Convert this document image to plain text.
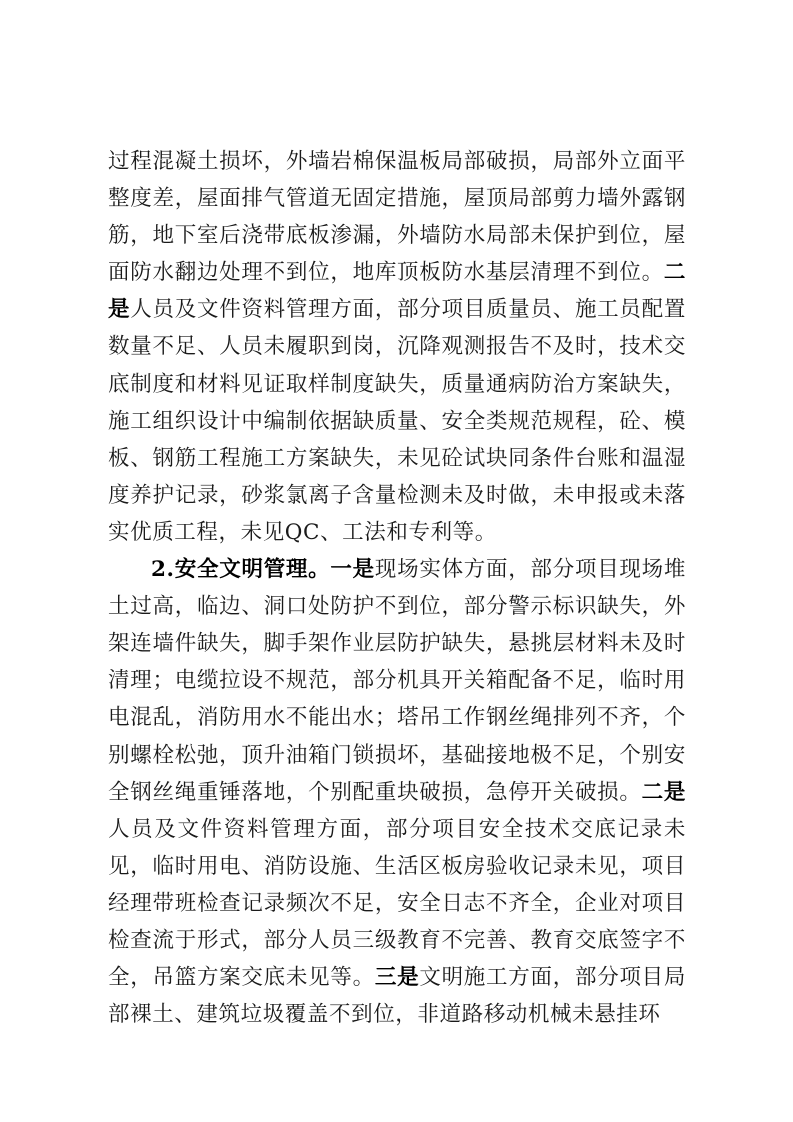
过程混凝土损坏，外墙岩棉保温板局部破损，局部外立面平整度差，屋面排气管道无固定措施，屋顶局部剪力墙外露钢筋，地下室后浇带底板渗漏，外墙防水局部未保护到位，屋面防水翻边处理不到位，地库顶板防水基层清理不到位。二是人员及文件资料管理方面，部分项目质量员、施工员配置数量不足、人员未履职到岗，沉降观测报告不及时，技术交底制度和材料见证取样制度缺失，质量通病防治方案缺失，施工组织设计中编制依据缺质量、安全类规范规程，砼、模板、钢筋工程施工方案缺失，未见砼试块同条件台账和温湿度养护记录，砂浆氯离子含量检测未及时做，未申报或未落实优质工程，未见QC、工法和专利等。

2.安全文明管理。一是现场实体方面，部分项目现场堆土过高，临边、洞口处防护不到位，部分警示标识缺失，外架连墙件缺失，脚手架作业层防护缺失，悬挑层材料未及时清理；电缆拉设不规范，部分机具开关箱配备不足，临时用电混乱，消防用水不能出水；塔吊工作钢丝绳排列不齐，个别螺栓松弛，顶升油箱门锁损坏，基础接地极不足，个别安全钢丝绳重锤落地，个别配重块破损，急停开关破损。二是人员及文件资料管理方面，部分项目安全技术交底记录未见，临时用电、消防设施、生活区板房验收记录未见，项目经理带班检查记录频次不足，安全日志不齐全，企业对项目检查流于形式，部分人员三级教育不完善、教育交底签字不全，吊篮方案交底未见等。三是文明施工方面，部分项目局部裸土、建筑垃圾覆盖不到位，非道路移动机械未悬挂环
